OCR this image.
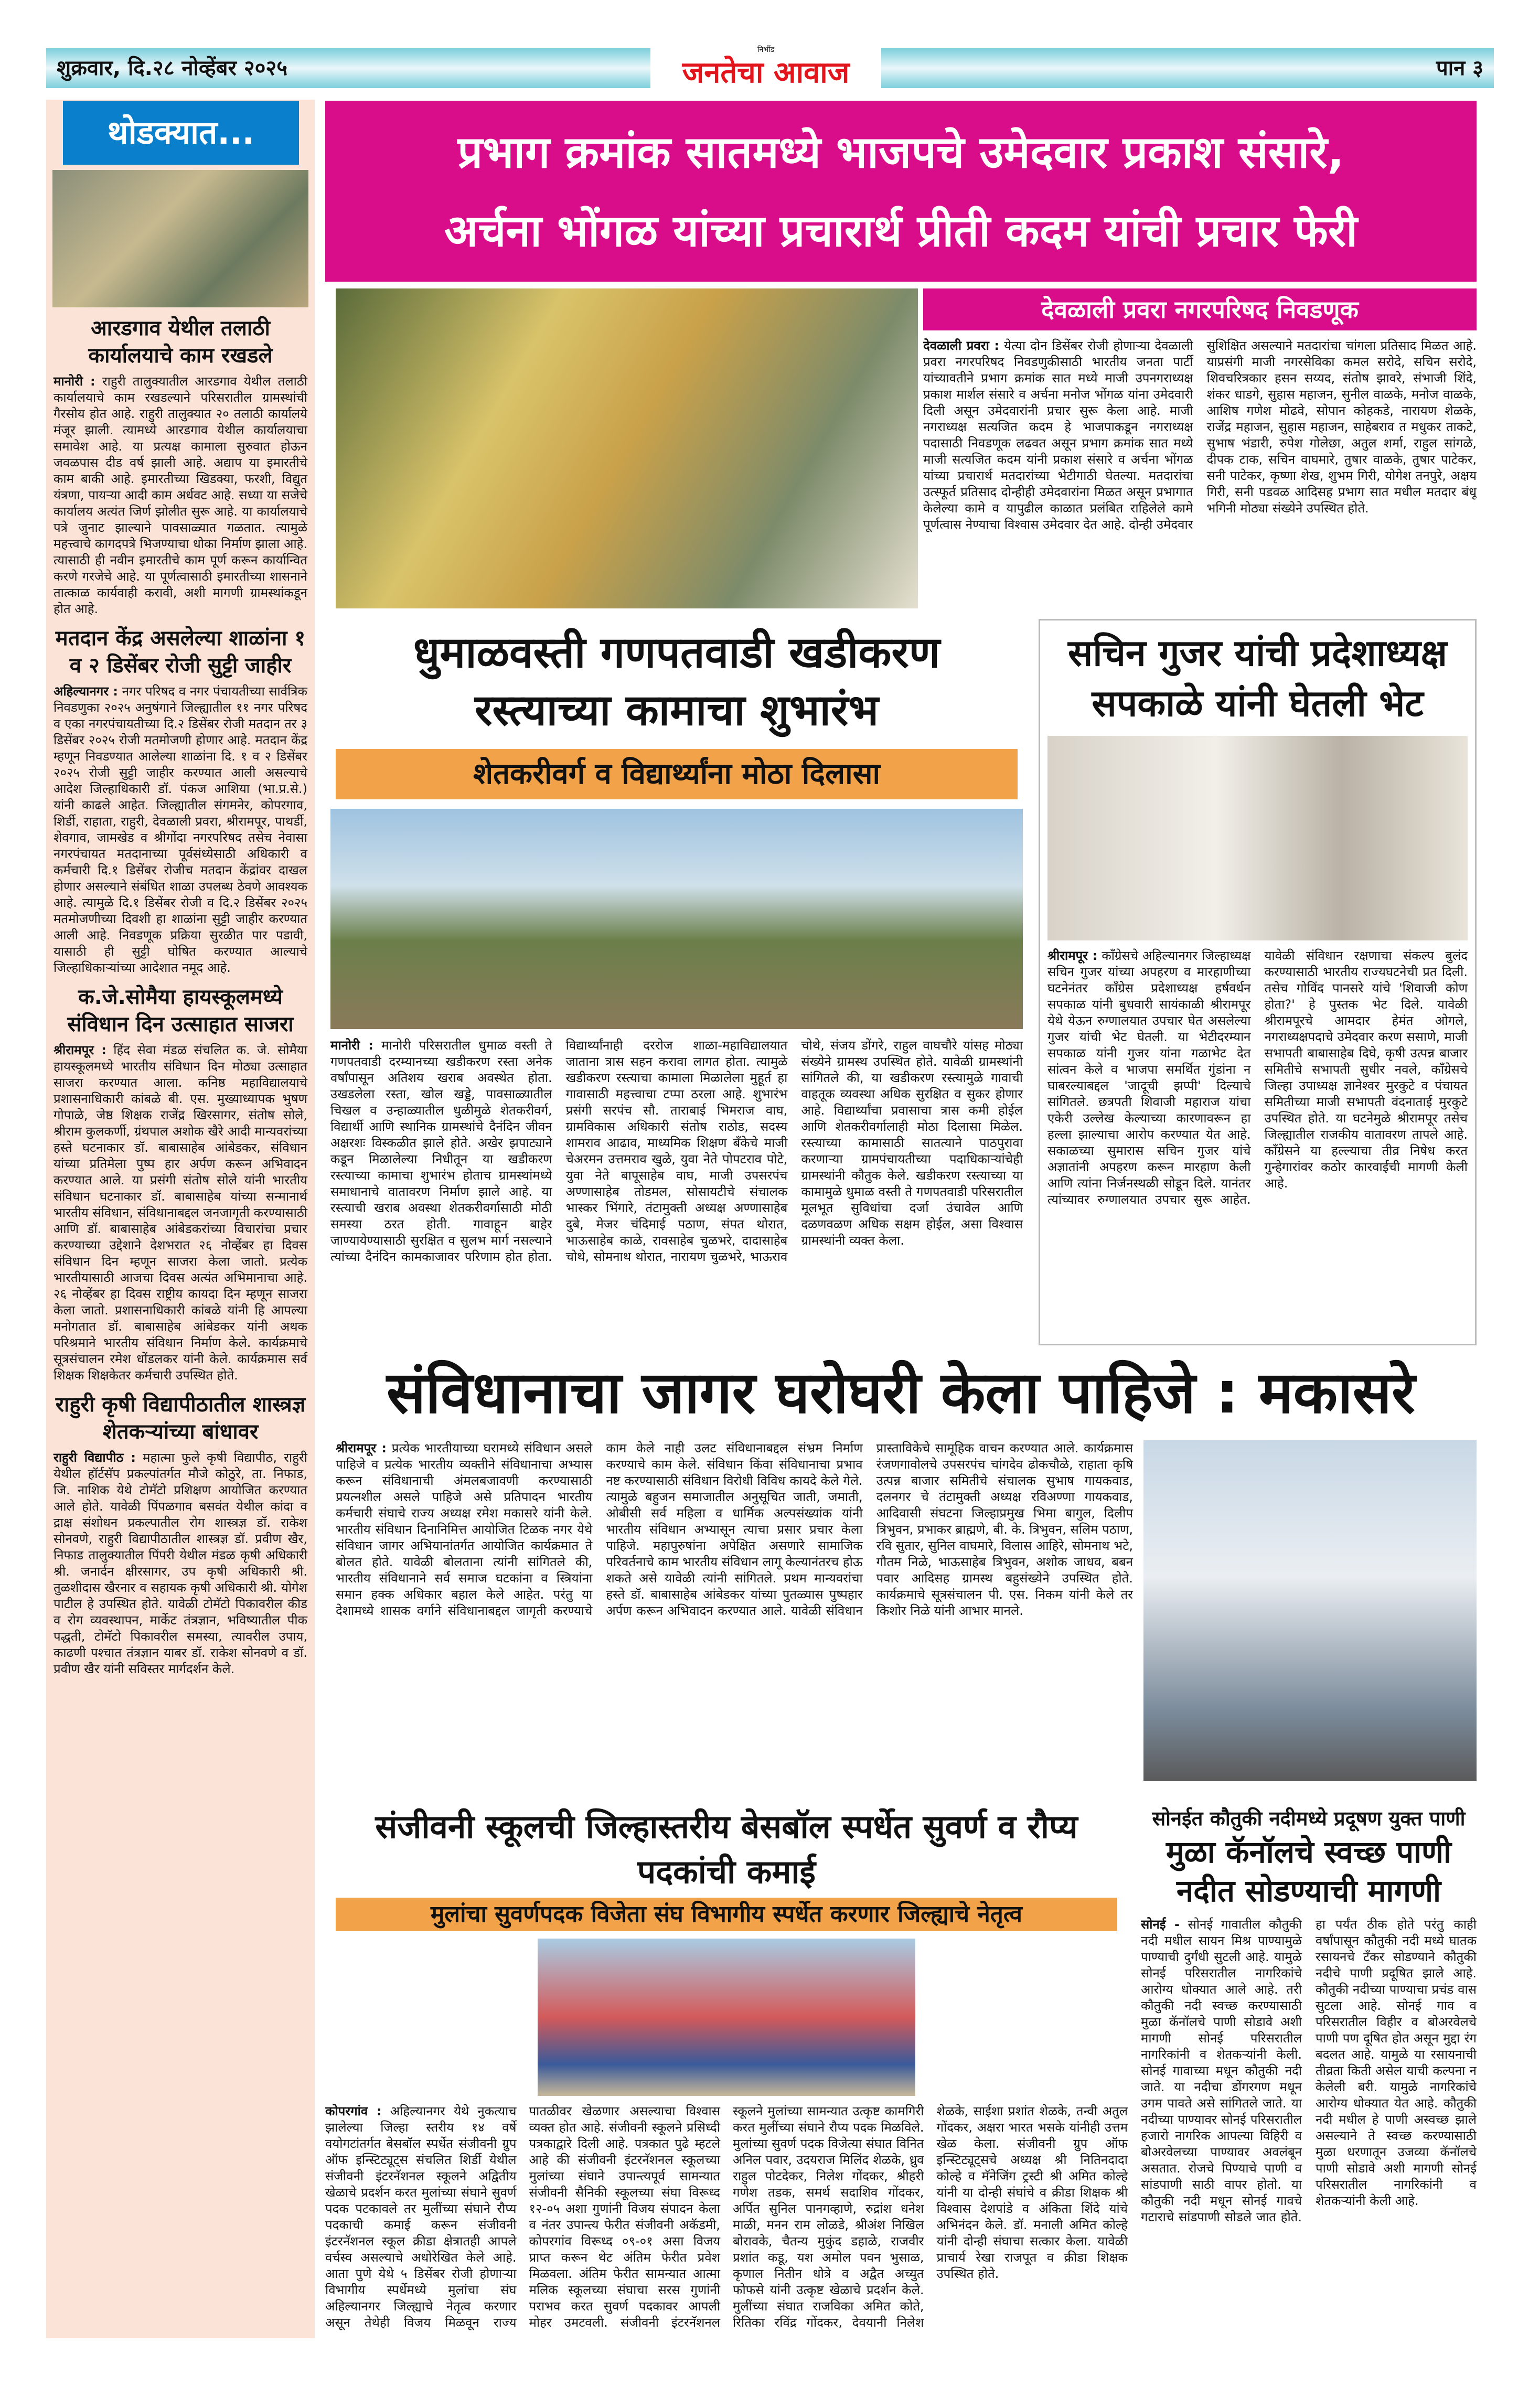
शुक्रवार, दि.२८ नोव्हेंबर २०२५	पान ३
निर्भीड
जनतेचा आवाज
आरडगाव येथील तलाठी कार्यालयाचे काम रखडले
मानोरी : राहुरी तालुक्यातील आरडगाव येथील तलाठी कार्यालयाचे काम रखडल्याने परिसरातील ग्रामस्थांची गैरसोय होत आहे. राहुरी तालुक्यात २० तलाठी कार्यालये मंजूर झाली. त्यामध्ये आरडगाव येथील कार्यालयाचा समावेश आहे. या प्रत्यक्ष कामाला सुरुवात होऊन जवळपास दीड वर्ष झाली आहे. अद्याप या इमारतीचे काम बाकी आहे. इमारतीच्या खिडक्या, फरशी, विद्युत यंत्रणा, पायऱ्या आदी काम अर्धवट आहे. सध्या या सजेचे कार्यालय अत्यंत जिर्ण झोलीत सुरू आहे. या कार्यालयाचे पत्रे जुनाट झाल्याने पावसाळ्यात गळतात. त्यामुळे महत्त्वाचे कागदपत्रे भिजण्याचा धोका निर्माण झाला आहे. त्यासाठी ही नवीन इमारतीचे काम पूर्ण करून कार्यान्वित करणे गरजेचे आहे. या पूर्णत्वासाठी इमारतीच्या शासनाने तात्काळ कार्यवाही करावी, अशी मागणी ग्रामस्थांकडून होत आहे.
मतदान केंद्र असलेल्या शाळांना १ व २ डिसेंबर रोजी सुट्टी जाहीर
अहिल्यानगर : नगर परिषद व नगर पंचायतीच्या सार्वत्रिक निवडणुका २०२५ अनुषंगाने जिल्ह्यातील ११ नगर परिषद व एका नगरपंचायतीच्या दि.२ डिसेंबर रोजी मतदान तर ३ डिसेंबर २०२५ रोजी मतमोजणी होणार आहे. मतदान केंद्र म्हणून निवडण्यात आलेल्या शाळांना दि. १ व २ डिसेंबर २०२५ रोजी सुट्टी जाहीर करण्यात आली असल्याचे आदेश जिल्हाधिकारी डॉ. पंकज आशिया (भा.प्र.से.) यांनी काढले आहेत. जिल्ह्यातील संगमनेर, कोपरगाव, शिर्डी, राहाता, राहुरी, देवळाली प्रवरा, श्रीरामपूर, पाथर्डी, शेवगाव, जामखेड व श्रीगोंदा नगरपरिषद तसेच नेवासा नगरपंचायत मतदानाच्या पूर्वसंध्येसाठी अधिकारी व कर्मचारी दि.१ डिसेंबर रोजीच मतदान केंद्रांवर दाखल होणार असल्याने संबंधित शाळा उपलब्ध ठेवणे आवश्यक आहे. त्यामुळे दि.१ डिसेंबर रोजी व दि.२ डिसेंबर २०२५ मतमोजणीच्या दिवशी हा शाळांना सुट्टी जाहीर करण्यात आली आहे. निवडणूक प्रक्रिया सुरळीत पार पडावी, यासाठी ही सुट्टी घोषित करण्यात आल्याचे जिल्हाधिकाऱ्यांच्या आदेशात नमूद आहे.
क.जे.सोमैया हायस्कूलमध्ये संविधान दिन उत्साहात साजरा
श्रीरामपूर : हिंद सेवा मंडळ संचलित क. जे. सोमैया हायस्कूलमध्ये भारतीय संविधान दिन मोठ्या उत्साहात साजरा करण्यात आला. कनिष्ठ महाविद्यालयाचे प्रशासनाधिकारी कांबळे बी. एस. मुख्याध्यापक भुषण गोपाळे, जेष्ठ शिक्षक राजेंद्र खिरसागर, संतोष सोले, श्रीराम कुलकर्णी, ग्रंथपाल अशोक खैरे आदी मान्यवरांच्या हस्ते घटनाकार डॉ. बाबासाहेब आंबेडकर, संविधान यांच्या प्रतिमेला पुष्प हार अर्पण करून अभिवादन करण्यात आले. या प्रसंगी संतोष सोले यांनी भारतीय संविधान घटनाकार डॉ. बाबासाहेब यांच्या सन्मानार्थ भारतीय संविधान, संविधानाबद्दल जनजागृती करण्यासाठी आणि डॉ. बाबासाहेब आंबेडकरांच्या विचारांचा प्रचार करण्याच्या उद्देशाने देशभरात २६ नोव्हेंबर हा दिवस संविधान दिन म्हणून साजरा केला जातो. प्रत्येक भारतीयासाठी आजचा दिवस अत्यंत अभिमानाचा आहे. २६ नोव्हेंबर हा दिवस राष्ट्रीय कायदा दिन म्हणून साजरा केला जातो. प्रशासनाधिकारी कांबळे यांनी हि आपल्या मनोगतात डॉ. बाबासाहेब आंबेडकर यांनी अथक परिश्रमाने भारतीय संविधान निर्माण केले. कार्यक्रमाचे सूत्रसंचालन रमेश धोंडलकर यांनी केले. कार्यक्रमास सर्व शिक्षक शिक्षकेतर कर्मचारी उपस्थित होते.
राहुरी कृषी विद्यापीठातील शास्त्रज्ञ शेतकऱ्यांच्या बांधावर
राहुरी विद्यापीठ : महात्मा फुले कृषी विद्यापीठ, राहुरी येथील हॉर्टसॅप प्रकल्पांतर्गत मौजे कोठुरे, ता. निफाड, जि. नाशिक येथे टोमॅटो प्रशिक्षण आयोजित करण्यात आले होते. यावेळी पिंपळगाव बसवंत येथील कांदा व द्राक्ष संशोधन प्रकल्पातील रोग शास्त्रज्ञ डॉ. राकेश सोनवणे, राहुरी विद्यापीठातील शास्त्रज्ञ डॉ. प्रवीण खैर, निफाड तालुक्यातील पिंपरी येथील मंडळ कृषी अधिकारी श्री. जनार्दन क्षीरसागर, उप कृषी अधिकारी श्री. तुळशीदास खैरनार व सहायक कृषी अधिकारी श्री. योगेश पाटील हे उपस्थित होते. यावेळी टोमॅटो पिकावरील कीड व रोग व्यवस्थापन, मार्केट तंत्रज्ञान, भविष्यातील पीक पद्धती, टोमॅटो पिकावरील समस्या, त्यावरील उपाय, काढणी पश्चात तंत्रज्ञान याबर डॉ. राकेश सोनवणे व डॉ. प्रवीण खैर यांनी सविस्तर मार्गदर्शन केले.
थोडक्यात...	प्रभाग क्रमांक सातमध्ये भाजपचे उमेदवार प्रकाश संसारे,
अर्चना भोंगळ यांच्या प्रचारार्थ प्रीती कदम यांची प्रचार फेरी
देवळाली प्रवरा नगरपरिषद निवडणूक
देवळाली प्रवरा : येत्या दोन डिसेंबर रोजी होणाऱ्या देवळाली प्रवरा नगरपरिषद निवडणुकीसाठी भारतीय जनता पार्टी यांच्यावतीने प्रभाग क्रमांक सात मध्ये माजी उपनगराध्यक्ष प्रकाश मार्शल संसारे व अर्चना मनोज भोंगळ यांना उमेदवारी दिली असून उमेदवारांनी प्रचार सुरू केला आहे. माजी नगराध्यक्ष सत्यजित कदम हे भाजपाकडून नगराध्यक्ष पदासाठी निवडणूक लढवत असून प्रभाग क्रमांक सात मध्ये माजी सत्यजित कदम यांनी प्रकाश संसारे व अर्चना भोंगळ यांच्या प्रचारार्थ मतदारांच्या भेटीगाठी घेतल्या. मतदारांचा उत्स्फूर्त प्रतिसाद दोन्हीही उमेदवारांना मिळत असून प्रभागात केलेल्या कामे व यापुढील काळात प्रलंबित राहिलेले कामे पूर्णत्वास नेण्याचा विश्वास उमेदवार देत आहे. दोन्ही उमेदवार सुशिक्षित असल्याने मतदारांचा चांगला प्रतिसाद मिळत आहे. याप्रसंगी माजी नगरसेविका कमल सरोदे, सचिन सरोदे, शिवचरित्रकार हसन सय्यद, संतोष झावरे, संभाजी शिंदे, शंकर धाडगे, सुहास महाजन, सुनील वाळके, मनोज वाळके, आशिष गणेश मोढवे, सोपान कोहकडे, नारायण शेळके, राजेंद्र महाजन, सुहास महाजन, साहेबराव त मधुकर ताकटे, सुभाष भंडारी, रुपेश गोलेछा, अतुल शर्मा, राहुल सांगळे, दीपक टाक, सचिन वाघमारे, तुषार वाळके, तुषार पाटेकर, सनी पाटेकर, कृष्णा शेख, शुभम गिरी, योगेश तनपुरे, अक्षय गिरी, सनी पडवळ आदिसह प्रभाग सात मधील मतदार बंधू भगिनी मोठ्या संख्येने उपस्थित होते.
धुमाळवस्ती गणपतवाडी खडीकरण
रस्त्याच्या कामाचा शुभारंभ
शेतकरीवर्ग व विद्यार्थ्यांना मोठा दिलासा
मानोरी : मानोरी परिसरातील धुमाळ वस्ती ते गणपतवाडी दरम्यानच्या खडीकरण रस्ता अनेक वर्षांपासून अतिशय खराब अवस्थेत होता. उखडलेला रस्ता, खोल खड्डे, पावसाळ्यातील चिखल व उन्हाळ्यातील धुळीमुळे शेतकरीवर्ग, विद्यार्थी आणि स्थानिक ग्रामस्थांचे दैनंदिन जीवन अक्षरशः विस्कळीत झाले होते. अखेर झपाट्याने कडून मिळालेल्या निधीतून या खडीकरण रस्त्याच्या कामाचा शुभारंभ होताच ग्रामस्थांमध्ये समाधानाचे वातावरण निर्माण झाले आहे. या रस्त्याची खराब अवस्था शेतकरीवर्गासाठी मोठी समस्या ठरत होती. गावाहून बाहेर जाण्यायेण्यासाठी सुरक्षित व सुलभ मार्ग नसल्याने त्यांच्या दैनंदिन कामकाजावर परिणाम होत होता. विद्यार्थ्यांनाही दररोज शाळा-महाविद्यालयात जाताना त्रास सहन करावा लागत होता. त्यामुळे खडीकरण रस्त्याचा कामाला मिळालेला मुहूर्त हा गावासाठी महत्त्वाचा टप्पा ठरला आहे. शुभारंभ प्रसंगी सरपंच सौ. ताराबाई भिमराज वाघ, ग्रामविकास अधिकारी संतोष राठोड, सदस्य शामराव आढाव, माध्यमिक शिक्षण बँकेचे माजी चेअरमन उत्तमराव खुळे, युवा नेते पोपटराव पोटे, युवा नेते बापूसाहेब वाघ, माजी उपसरपंच अण्णासाहेब तोडमल, सोसायटीचे संचालक भास्कर भिंगारे, तंटामुक्ती अध्यक्ष अण्णासाहेब दुबे, मेजर चंदिमाई पठाण, संपत थोरात, भाऊसाहेब काळे, रावसाहेब चुळभरे, दादासाहेब चोथे, सोमनाथ थोरात, नारायण चुळभरे, भाऊराव चोथे, संजय डोंगरे, राहुल वाघचौरे यांसह मोठ्या संख्येने ग्रामस्थ उपस्थित होते. यावेळी ग्रामस्थांनी सांगितले की, या खडीकरण रस्त्यामुळे गावाची वाहतूक व्यवस्था अधिक सुरक्षित व सुकर होणार आहे. विद्यार्थ्यांचा प्रवासाचा त्रास कमी होईल आणि शेतकरीवर्गालाही मोठा दिलासा मिळेल. रस्त्याच्या कामासाठी सातत्याने पाठपुरावा करणाऱ्या ग्रामपंचायतीच्या पदाधिकाऱ्यांचेही ग्रामस्थांनी कौतुक केले. खडीकरण रस्त्याच्या या कामामुळे धुमाळ वस्ती ते गणपतवाडी परिसरातील मूलभूत सुविधांचा दर्जा उंचावेल आणि दळणवळण अधिक सक्षम होईल, असा विश्वास ग्रामस्थांनी व्यक्त केला.
सचिन गुजर यांची प्रदेशाध्यक्ष
सपकाळे यांनी घेतली भेट
श्रीरामपूर : काँग्रेसचे अहिल्यानगर जिल्हाध्यक्ष सचिन गुजर यांच्या अपहरण व मारहाणीच्या घटनेनंतर काँग्रेस प्रदेशाध्यक्ष हर्षवर्धन सपकाळ यांनी बुधवारी सायंकाळी श्रीरामपूर येथे येऊन रुग्णालयात उपचार घेत असलेल्या गुजर यांची भेट घेतली. या भेटीदरम्यान सपकाळ यांनी गुजर यांना गळाभेट देत सांत्वन केले व भाजपा समर्थित गुंडांना न घाबरल्याबद्दल 'जादूची झप्पी' दिल्याचे सांगितले. छत्रपती शिवाजी महाराज यांचा एकेरी उल्लेख केल्याच्या कारणावरून हा हल्ला झाल्याचा आरोप करण्यात येत आहे. सकाळच्या सुमारास सचिन गुजर यांचे अज्ञातांनी अपहरण करून मारहाण केली आणि त्यांना निर्जनस्थळी सोडून दिले. यानंतर त्यांच्यावर रुग्णालयात उपचार सुरू आहेत. यावेळी संविधान रक्षणाचा संकल्प बुलंद करण्यासाठी भारतीय राज्यघटनेची प्रत दिली. तसेच गोविंद पानसरे यांचे 'शिवाजी कोण होता?' हे पुस्तक भेट दिले. यावेळी श्रीरामपूरचे आमदार हेमंत ओगले, नगराध्यक्षपदाचे उमेदवार करण ससाणे, माजी सभापती बाबासाहेब दिघे, कृषी उत्पन्न बाजार समितीचे सभापती सुधीर नवले, काँग्रेसचे जिल्हा उपाध्यक्ष ज्ञानेश्वर मुरकुटे व पंचायत समितीच्या माजी सभापती वंदनाताई मुरकुटे उपस्थित होते. या घटनेमुळे श्रीरामपूर तसेच जिल्ह्यातील राजकीय वातावरण तापले आहे. काँग्रेसने या हल्ल्याचा तीव्र निषेध करत गुन्हेगारांवर कठोर कारवाईची मागणी केली आहे.
संविधानाचा जागर घरोघरी केला पाहिजे : मकासरे
श्रीरामपूर : प्रत्येक भारतीयाच्या घरामध्ये संविधान असले पाहिजे व प्रत्येक भारतीय व्यक्तीने संविधानाचा अभ्यास करून संविधानाची अंमलबजावणी करण्यासाठी प्रयत्नशील असले पाहिजे असे प्रतिपादन भारतीय कर्मचारी संघाचे राज्य अध्यक्ष रमेश मकासरे यांनी केले. भारतीय संविधान दिनानिमित्त आयोजित टिळक नगर येथे संविधान जागर अभियानांतर्गत आयोजित कार्यक्रमात ते बोलत होते. यावेळी बोलताना त्यांनी सांगितले की, भारतीय संविधानाने सर्व समाज घटकांना व स्त्रियांना समान हक्क अधिकार बहाल केले आहेत. परंतु या देशामध्ये शासक वर्गाने संविधानाबद्दल जागृती करण्याचे काम केले नाही उलट संविधानाबद्दल संभ्रम निर्माण करण्याचे काम केले. संविधान किंवा संविधानाचा प्रभाव नष्ट करण्यासाठी संविधान विरोधी विविध कायदे केले गेले. त्यामुळे बहुजन समाजातील अनुसूचित जाती, जमाती, ओबीसी सर्व महिला व धार्मिक अल्पसंख्यांक यांनी भारतीय संविधान अभ्यासून त्याचा प्रसार प्रचार केला पाहिजे. महापुरुषांना अपेक्षित असणारे सामाजिक परिवर्तनाचे काम भारतीय संविधान लागू केल्यानंतरच होऊ शकते असे यावेळी त्यांनी सांगितले. प्रथम मान्यवरांचा हस्ते डॉ. बाबासाहेब आंबेडकर यांच्या पुतळ्यास पुष्पहार अर्पण करून अभिवादन करण्यात आले. यावेळी संविधान प्रास्ताविकेचे सामूहिक वाचन करण्यात आले. कार्यक्रमास रंजणगावोलचे उपसरपंच चांगदेव ढोकचौळे, राहाता कृषि उत्पन्न बाजार समितीचे संचालक सुभाष गायकवाड, दलनगर चे तंटामुक्ती अध्यक्ष रविअण्णा गायकवाड, आदिवासी संघटना जिल्हाप्रमुख भिमा बागुल, दिलीप त्रिभुवन, प्रभाकर ब्राह्मणे, बी. के. त्रिभुवन, सलिम पठाण, रवि सुतार, सुनिल वाघमारे, विलास आहिरे, सोमनाथ भटे, गौतम निळे, भाऊसाहेब त्रिभुवन, अशोक जाधव, बबन पवार आदिसह ग्रामस्थ बहुसंख्येने उपस्थित होते. कार्यक्रमाचे सूत्रसंचालन पी. एस. निकम यांनी केले तर किशोर निळे यांनी आभार मानले.
संजीवनी स्कूलची जिल्हास्तरीय बेसबॉल स्पर्धेत सुवर्ण व रौप्य पदकांची कमाई
मुलांचा सुवर्णपदक विजेता संघ विभागीय स्पर्धेत करणार जिल्ह्याचे नेतृत्व
कोपरगांव : अहिल्यानगर येथे नुकत्याच झालेल्या जिल्हा स्तरीय १४ वर्षे वयोगटांतर्गत बेसबॉल स्पर्धेत संजीवनी ग्रुप ऑफ इन्स्टिट्यूट्स संचलित शिर्डी येथील संजीवनी इंटरनॅशनल स्कूलने अद्वितीय खेळाचे प्रदर्शन करत मुलांच्या संघाने सुवर्ण पदक पटकावले तर मुलींच्या संघाने रौप्य पदकाची कमाई करून संजीवनी इंटरनॅशनल स्कूल क्रीडा क्षेत्रातही आपले वर्चस्व असल्याचे अधोरेखित केले आहे. आता पुणे येथे ५ डिसेंबर रोजी होणाऱ्या विभागीय स्पर्धेमध्ये मुलांचा संघ अहिल्यानगर जिल्ह्याचे नेतृत्व करणार असून तेथेही विजय मिळवून राज्य पातळीवर खेळणार असल्याचा विश्वास व्यक्त होत आहे. संजीवनी स्कूलने प्रसिध्दी पत्रकाद्वारे दिली आहे. पत्रकात पुढे म्हटले आहे की संजीवनी इंटरनॅशनल स्कूलच्या मुलांच्या संघाने उपान्त्यपूर्व सामन्यात संजीवनी सैनिकी स्कूलच्या संघा विरूध्द १२-०५ अशा गुणांनी विजय संपादन केला व नंतर उपान्त्य फेरीत संजीवनी अकॅडमी, कोपरगांव विरूध्द ०९-०१ असा विजय प्राप्त करून थेट अंतिम फेरीत प्रवेश मिळवला. अंतिम फेरीत सामन्यात आत्मा मलिक स्कूलच्या संघाचा सरस गुणांनी पराभव करत सुवर्ण पदकावर आपली मोहर उमटवली. संजीवनी इंटरनॅशनल स्कूलने मुलांच्या सामन्यात उत्कृष्ट कामगिरी करत मुलींच्या संघाने रौप्य पदक मिळविले. मुलांच्या सुवर्ण पदक विजेत्या संघात विनित अनिल पवार, उदयराज मिलिंद शेळके, ध्रुव राहुल पोटदेकर, निलेश गोंदकर, श्रीहरी गणेश तडक, समर्थ सदाशिव गोंदकर, अर्पित सुनिल पानगव्हाणे, रुद्रांश धनेश माळी, मनन राम लोळडे, श्रीअंश निखिल बोरावके, चैतन्य मुकुंद डहाळे, राजवीर प्रशांत कडू, यश अमोल पवन भुसाळ, कृणाल नितीन धोत्रे व अद्वैत अच्युत फोफसे यांनी उत्कृष्ट खेळाचे प्रदर्शन केले. मुलींच्या संघात राजविका अमित कोते, रितिका रविंद्र गोंदकर, देवयानी निलेश शेळके, साईशा प्रशांत शेळके, तन्वी अतुल गोंदकर, अक्षरा भारत भसके यांनीही उत्तम खेळ केला. संजीवनी ग्रुप ऑफ इन्स्टिट्यूट्सचे अध्यक्ष श्री नितिनदादा कोल्हे व मॅनेजिंग ट्रस्टी श्री अमित कोल्हे यांनी या दोन्ही संघांचे व क्रीडा शिक्षक श्री विश्वास देशपांडे व अंकिता शिंदे यांचे अभिनंदन केले. डॉ. मनाली अमित कोल्हे यांनी दोन्ही संघाचा सत्कार केला. यावेळी प्राचार्य रेखा राजपूत व क्रीडा शिक्षक उपस्थित होते.
सोनईत कौतुकी नदीमध्ये प्रदूषण युक्त पाणी
मुळा कॅनॉलचे स्वच्छ पाणी नदीत सोडण्याची मागणी
सोनई - सोनई गावातील कौतुकी नदी मधील सायन मिश्र पाण्यामुळे पाण्याची दुर्गंधी सुटली आहे. यामुळे सोनई परिसरातील नागरिकांचे आरोग्य धोक्यात आले आहे. तरी कौतुकी नदी स्वच्छ करण्यासाठी मुळा कॅनॉलचे पाणी सोडावे अशी मागणी सोनई परिसरातील नागरिकांनी व शेतकऱ्यांनी केली. सोनई गावाच्या मधून कौतुकी नदी जाते. या नदीचा डोंगरगण मधून उगम पावते असे सांगितले जाते. या नदीच्या पाण्यावर सोनई परिसरातील हजारो नागरिक आपल्या विहिरी व बोअरवेलच्या पाण्यावर अवलंबून असतात. रोजचे पिण्याचे पाणी व सांडपाणी साठी वापर होतो. या कौतुकी नदी मधून सोनई गावचे गटाराचे सांडपाणी सोडले जात होते. हा पर्यंत ठीक होते परंतु काही वर्षांपासून कौतुकी नदी मध्ये घातक रसायनचे टँकर सोडण्याने कौतुकी नदीचे पाणी प्रदूषित झाले आहे. कौतुकी नदीच्या पाण्याचा प्रचंड वास सुटला आहे. सोनई गाव व परिसरातील विहीर व बोअरवेलचे पाणी पण दूषित होत असून मुद्दा रंग बदलत आहे. यामुळे या रसायनाची तीव्रता किती असेल याची कल्पना न केलेली बरी. यामुळे नागरिकांचे आरोग्य धोक्यात येत आहे. कौतुकी नदी मधील हे पाणी अस्वच्छ झाले असल्याने ते स्वच्छ करण्यासाठी मुळा धरणातून उजव्या कॅनॉलचे पाणी सोडावे अशी मागणी सोनई परिसरातील नागरिकांनी व शेतकऱ्यांनी केली आहे.
